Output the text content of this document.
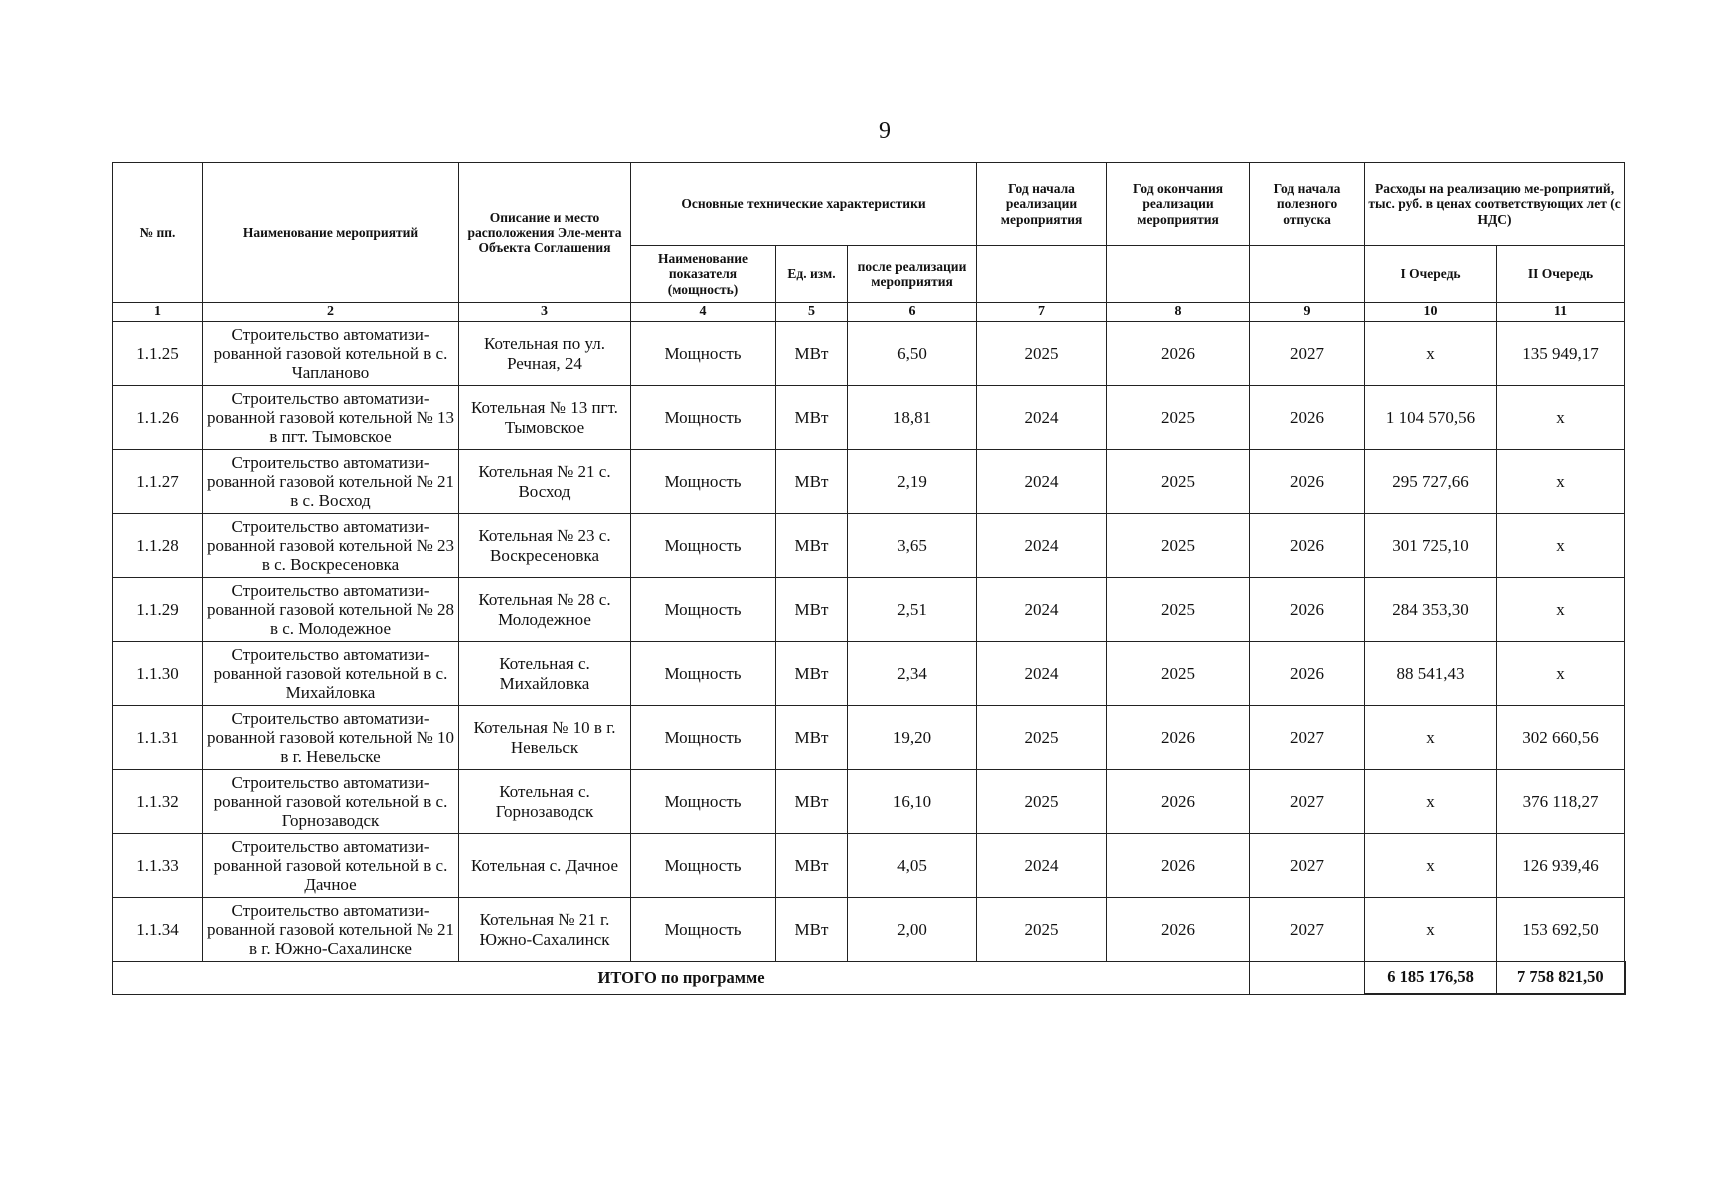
9
№ пп.	Наименование мероприятий	Описание и место расположения Эле-мента Объекта Соглашения	Основные технические характеристики			Год начала реализации мероприятия	Год окончания реализации мероприятия	Год начала полезного отпуска	Расходы на реализацию ме-роприятий, тыс. руб. в ценах соответствующих лет (с НДС)	
			Наименование показателя (мощность)	Ед. изм.	после реализации мероприятия				I Очередь	II Очередь
1	2	3	4	5	6	7	8	9	10	11
1.1.25	Строительство автоматизи-рованной газовой котельной в с. Чапланово	Котельная по ул. Речная, 24	Мощность	МВт	6,50	2025	2026	2027	х	135 949,17
1.1.26	Строительство автоматизи-рованной газовой котельной № 13 в пгт. Тымовское	Котельная № 13 пгт. Тымовское	Мощность	МВт	18,81	2024	2025	2026	1 104 570,56	х
1.1.27	Строительство автоматизи-рованной газовой котельной № 21 в с. Восход	Котельная № 21 с. Восход	Мощность	МВт	2,19	2024	2025	2026	295 727,66	х
1.1.28	Строительство автоматизи-рованной газовой котельной № 23 в с. Воскресеновка	Котельная № 23 с. Воскресеновка	Мощность	МВт	3,65	2024	2025	2026	301 725,10	х
1.1.29	Строительство автоматизи-рованной газовой котельной № 28 в с. Молодежное	Котельная № 28 с. Молодежное	Мощность	МВт	2,51	2024	2025	2026	284 353,30	х
1.1.30	Строительство автоматизи-рованной газовой котельной в с. Михайловка	Котельная с. Михайловка	Мощность	МВт	2,34	2024	2025	2026	88 541,43	х
1.1.31	Строительство автоматизи-рованной газовой котельной № 10 в г. Невельске	Котельная № 10 в г. Невельск	Мощность	МВт	19,20	2025	2026	2027	х	302 660,56
1.1.32	Строительство автоматизи-рованной газовой котельной в с. Горнозаводск	Котельная с. Горнозаводск	Мощность	МВт	16,10	2025	2026	2027	х	376 118,27
1.1.33	Строительство автоматизи-рованной газовой котельной в с. Дачное	Котельная с. Дачное	Мощность	МВт	4,05	2024	2026	2027	х	126 939,46
1.1.34	Строительство автоматизи-рованной газовой котельной № 21 в г. Южно-Сахалинске	Котельная № 21 г. Южно-Сахалинск	Мощность	МВт	2,00	2025	2026	2027	х	153 692,50
ИТОГО по программе									6 185 176,58	7 758 821,50
